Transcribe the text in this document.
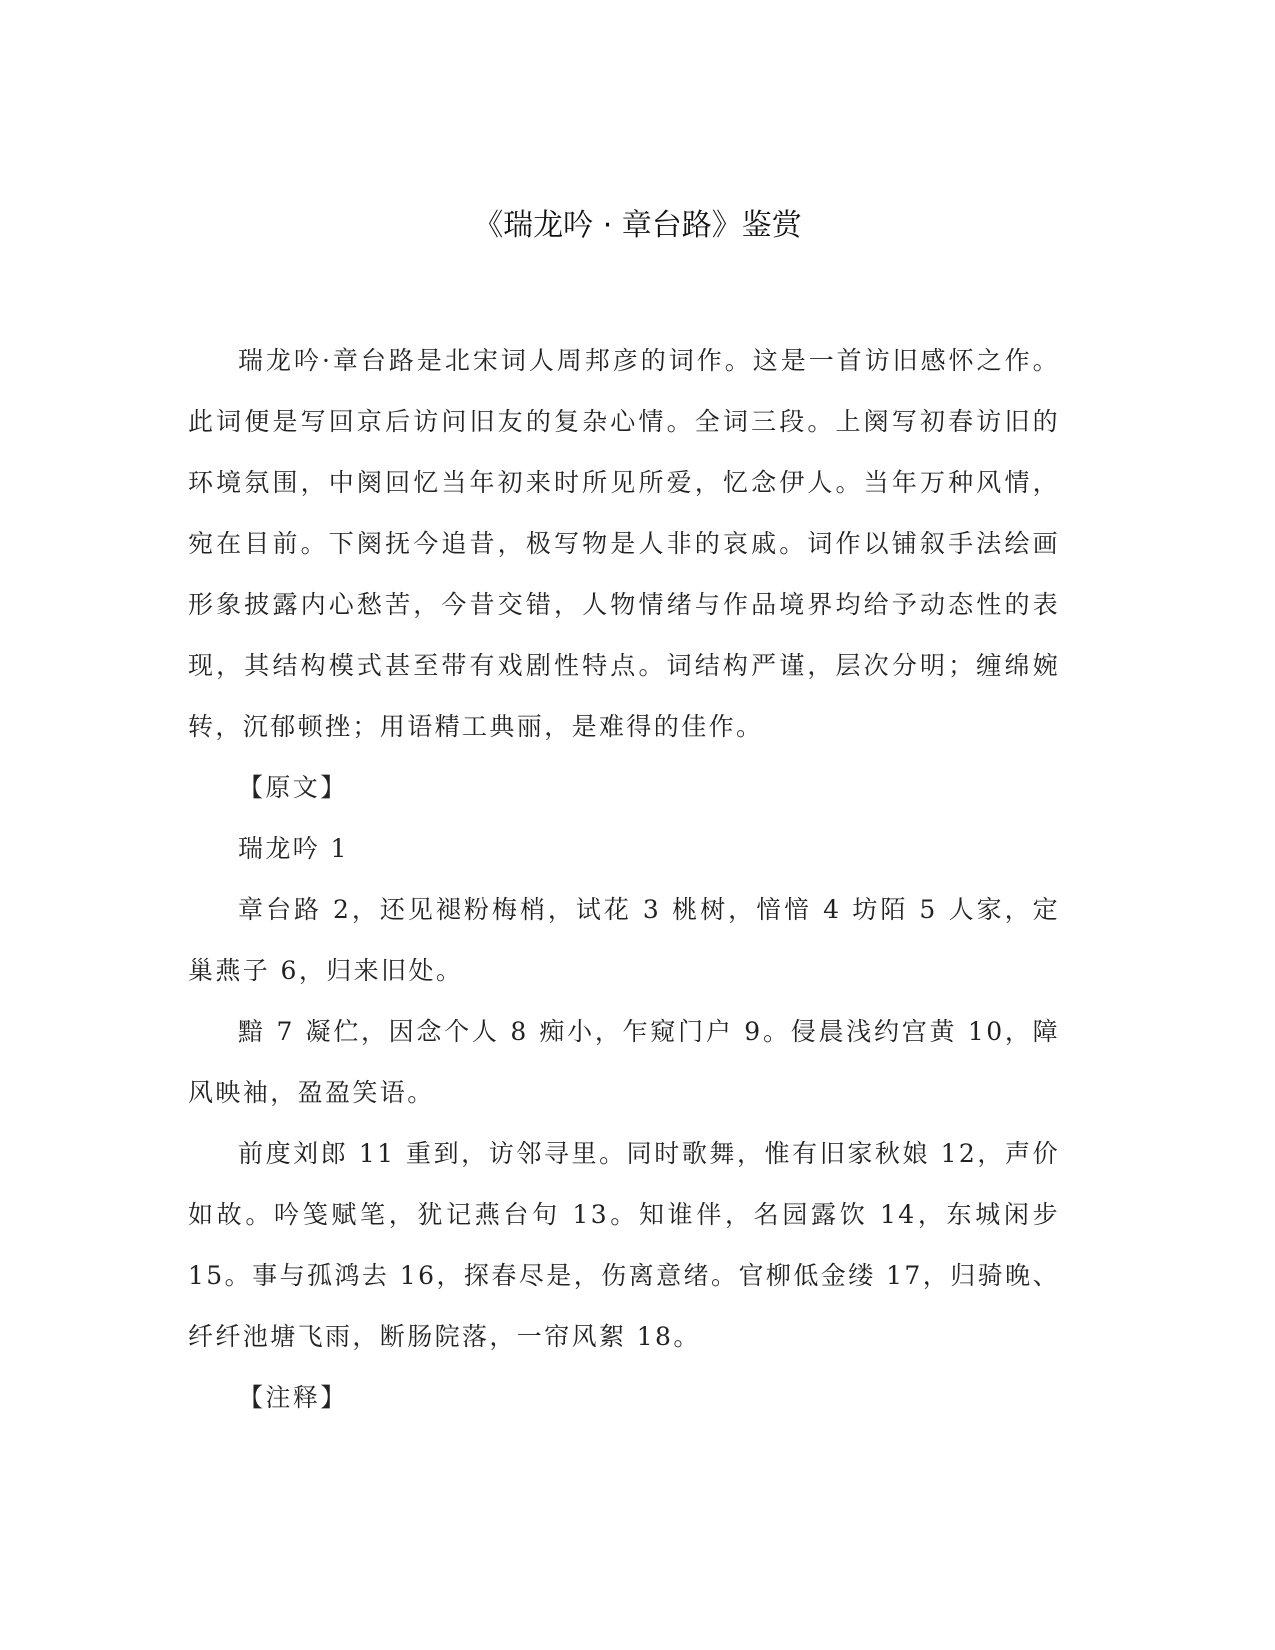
《瑞龙吟 · 章台路》鉴赏

瑞龙吟·章台路是北宋词人周邦彦的词作。这是一首访旧感怀之作。此词便是写回京后访问旧友的复杂心情。全词三段。上阕写初春访旧的环境氛围，中阕回忆当年初来时所见所爱，忆念伊人。当年万种风情，宛在目前。下阕抚今追昔，极写物是人非的哀戚。词作以铺叙手法绘画形象披露内心愁苦，今昔交错，人物情绪与作品境界均给予动态性的表现，其结构模式甚至带有戏剧性特点。词结构严谨，层次分明；缠绵婉转，沉郁顿挫；用语精工典丽，是难得的佳作。

【原文】

瑞龙吟 1

章台路 2，还见褪粉梅梢，试花 3 桃树，愔愔 4 坊陌 5 人家，定巢燕子 6，归来旧处。

黯 7 凝伫，因念个人 8 痴小，乍窥门户 9。侵晨浅约宫黄 10，障风映袖，盈盈笑语。

前度刘郎 11 重到，访邻寻里。同时歌舞，惟有旧家秋娘 12，声价如故。吟笺赋笔，犹记燕台句 13。知谁伴，名园露饮 14，东城闲步 15。事与孤鸿去 16，探春尽是，伤离意绪。官柳低金缕 17，归骑晚、纤纤池塘飞雨，断肠院落，一帘风絮 18。

【注释】
